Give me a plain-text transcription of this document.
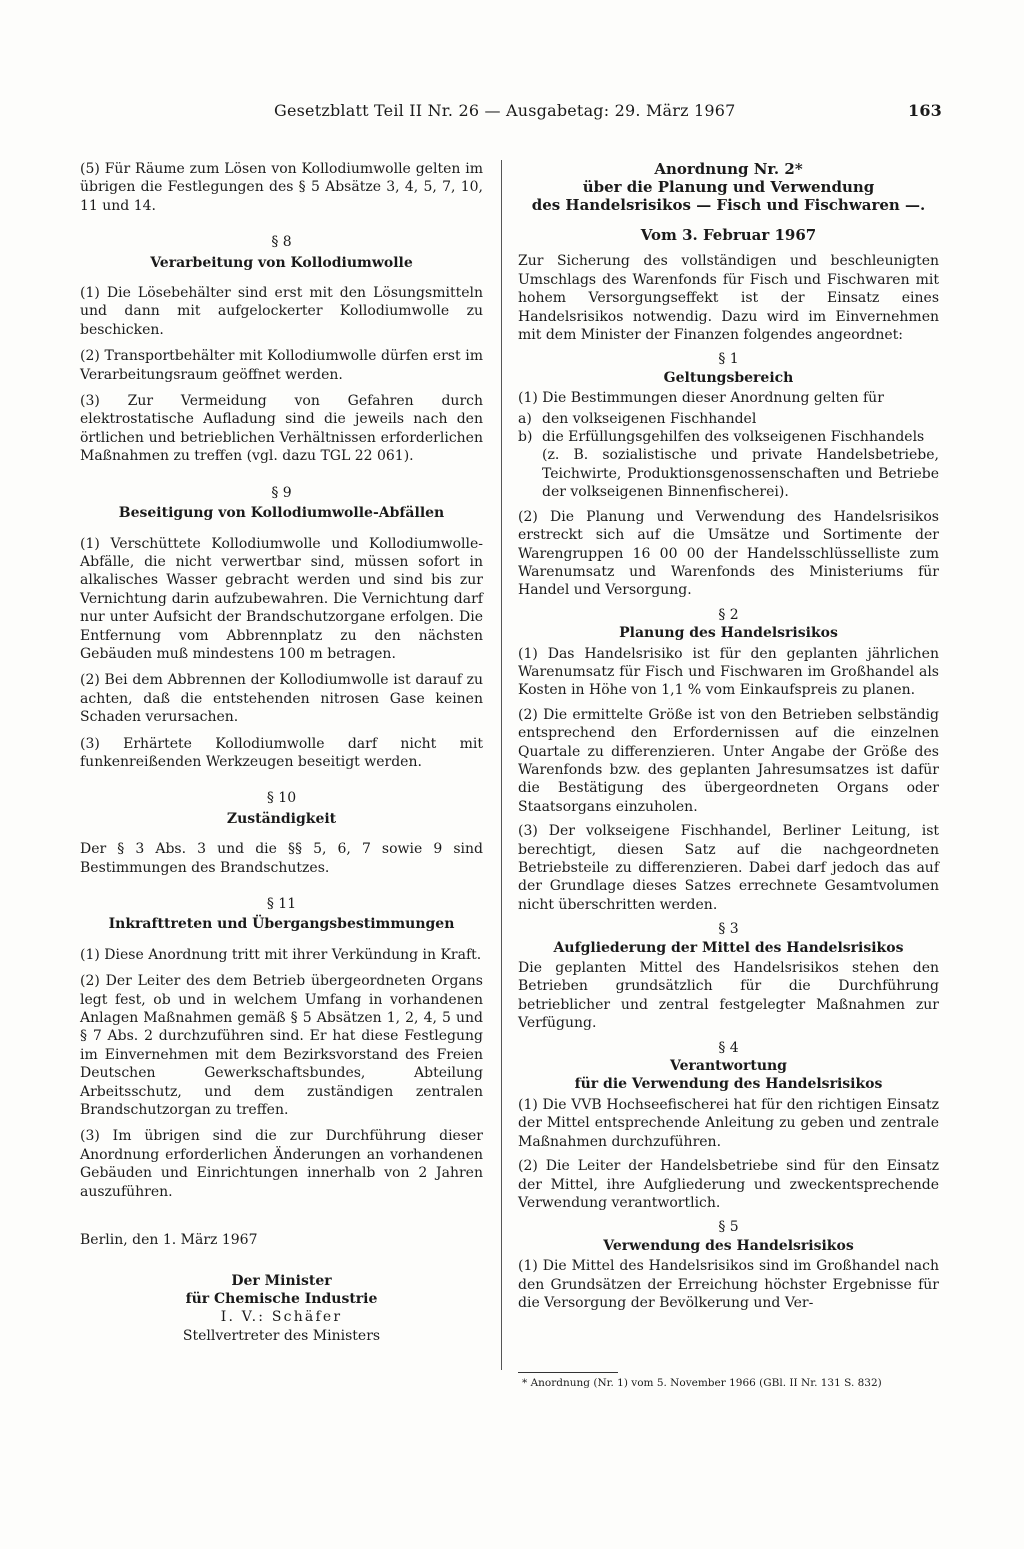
Gesetzblatt Teil II Nr. 26 — Ausgabetag: 29. März 1967	163

(5) Für Räume zum Lösen von Kollodiumwolle gelten im übrigen die Festlegungen des § 5 Absätze 3, 4, 5, 7, 10, 11 und 14.

§ 8
Verarbeitung von Kollodiumwolle

(1) Die Lösebehälter sind erst mit den Lösungsmitteln und dann mit aufgelockerter Kollodiumwolle zu beschicken.

(2) Transportbehälter mit Kollodiumwolle dürfen erst im Verarbeitungsraum geöffnet werden.

(3) Zur Vermeidung von Gefahren durch elektrostatische Aufladung sind die jeweils nach den örtlichen und betrieblichen Verhältnissen erforderlichen Maßnahmen zu treffen (vgl. dazu TGL 22 061).

§ 9
Beseitigung von Kollodiumwolle-Abfällen

(1) Verschüttete Kollodiumwolle und Kollodiumwolle-Abfälle, die nicht verwertbar sind, müssen sofort in alkalisches Wasser gebracht werden und sind bis zur Vernichtung darin aufzubewahren. Die Vernichtung darf nur unter Aufsicht der Brandschutzorgane erfolgen. Die Entfernung vom Abbrennplatz zu den nächsten Gebäuden muß mindestens 100 m betragen.

(2) Bei dem Abbrennen der Kollodiumwolle ist darauf zu achten, daß die entstehenden nitrosen Gase keinen Schaden verursachen.

(3) Erhärtete Kollodiumwolle darf nicht mit funkenreißenden Werkzeugen beseitigt werden.

§ 10
Zuständigkeit

Der § 3 Abs. 3 und die §§ 5, 6, 7 sowie 9 sind Bestimmungen des Brandschutzes.

§ 11
Inkrafttreten und Übergangsbestimmungen

(1) Diese Anordnung tritt mit ihrer Verkündung in Kraft.

(2) Der Leiter des dem Betrieb übergeordneten Organs legt fest, ob und in welchem Umfang in vorhandenen Anlagen Maßnahmen gemäß § 5 Absätzen 1, 2, 4, 5 und § 7 Abs. 2 durchzuführen sind. Er hat diese Festlegung im Einvernehmen mit dem Bezirksvorstand des Freien Deutschen Gewerkschaftsbundes, Abteilung Arbeitsschutz, und dem zuständigen zentralen Brandschutzorgan zu treffen.

(3) Im übrigen sind die zur Durchführung dieser Anordnung erforderlichen Änderungen an vorhandenen Gebäuden und Einrichtungen innerhalb von 2 Jahren auszuführen.

Berlin, den 1. März 1967
Der Minister
für Chemische Industrie
I. V.: Schäfer
Stellvertreter des Ministers
Anordnung Nr. 2*
über die Planung und Verwendung
des Handelsrisikos — Fisch und Fischwaren —.
Vom 3. Februar 1967

Zur Sicherung des vollständigen und beschleunigten Umschlags des Warenfonds für Fisch und Fischwaren mit hohem Versorgungseffekt ist der Einsatz eines Handelsrisikos notwendig. Dazu wird im Einvernehmen mit dem Minister der Finanzen folgendes angeordnet:

§ 1
Geltungsbereich

(1) Die Bestimmungen dieser Anordnung gelten für

a) den volkseigenen Fischhandel
b) die Erfüllungsgehilfen des volkseigenen Fischhandels
(z. B. sozialistische und private Handelsbetriebe, Teichwirte, Produktionsgenossenschaften und Betriebe der volkseigenen Binnenfischerei).

(2) Die Planung und Verwendung des Handelsrisikos erstreckt sich auf die Umsätze und Sortimente der Warengruppen 16 00 00 der Handelsschlüsselliste zum Warenumsatz und Warenfonds des Ministeriums für Handel und Versorgung.

§ 2
Planung des Handelsrisikos

(1) Das Handelsrisiko ist für den geplanten jährlichen Warenumsatz für Fisch und Fischwaren im Großhandel als Kosten in Höhe von 1,1 % vom Einkaufspreis zu planen.

(2) Die ermittelte Größe ist von den Betrieben selbständig entsprechend den Erfordernissen auf die einzelnen Quartale zu differenzieren. Unter Angabe der Größe des Warenfonds bzw. des geplanten Jahresumsatzes ist dafür die Bestätigung des übergeordneten Organs oder Staatsorgans einzuholen.

(3) Der volkseigene Fischhandel, Berliner Leitung, ist berechtigt, diesen Satz auf die nachgeordneten Betriebsteile zu differenzieren. Dabei darf jedoch das auf der Grundlage dieses Satzes errechnete Gesamtvolumen nicht überschritten werden.

§ 3
Aufgliederung der Mittel des Handelsrisikos

Die geplanten Mittel des Handelsrisikos stehen den Betrieben grundsätzlich für die Durchführung betrieblicher und zentral festgelegter Maßnahmen zur Verfügung.

§ 4
Verantwortung
für die Verwendung des Handelsrisikos

(1) Die VVB Hochseefischerei hat für den richtigen Einsatz der Mittel entsprechende Anleitung zu geben und zentrale Maßnahmen durchzuführen.

(2) Die Leiter der Handelsbetriebe sind für den Einsatz der Mittel, ihre Aufgliederung und zweckentsprechende Verwendung verantwortlich.

§ 5
Verwendung des Handelsrisikos

(1) Die Mittel des Handelsrisikos sind im Großhandel nach den Grundsätzen der Erreichung höchster Ergebnisse für die Versorgung der Bevölkerung und Ver-

* Anordnung (Nr. 1) vom 5. November 1966 (GBl. II Nr. 131 S. 832)
